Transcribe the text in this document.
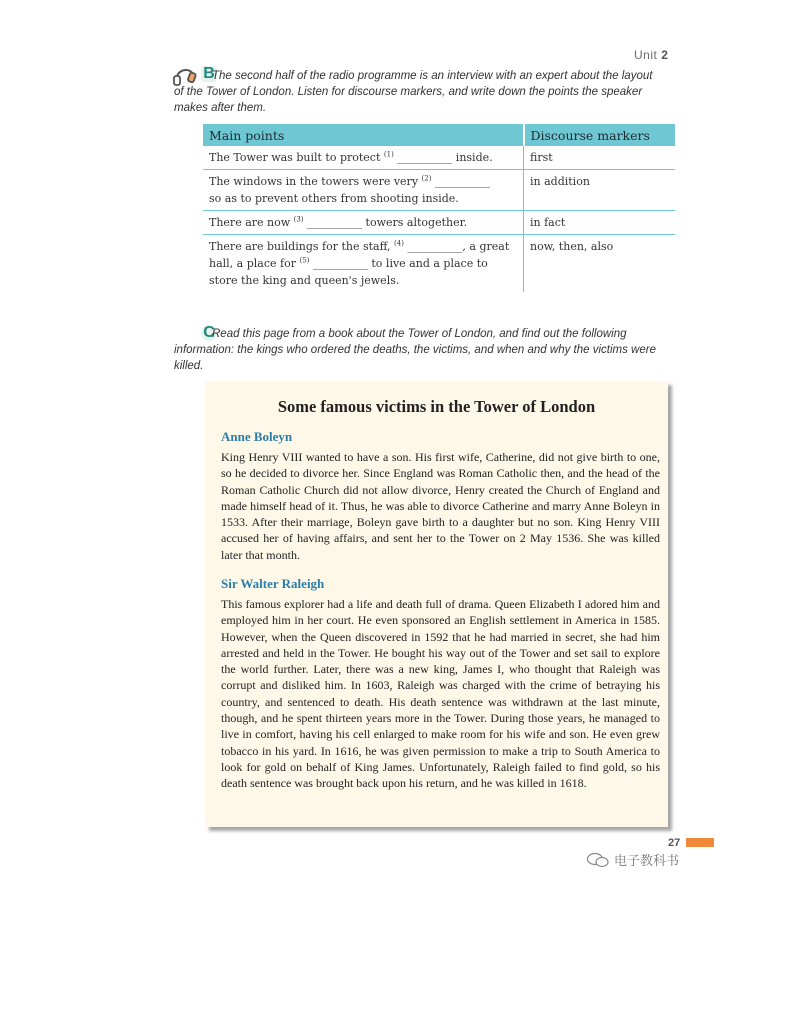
Unit 2
B
The second half of the radio programme is an interview with an expert about the layout of the Tower of London. Listen for discourse markers, and write down the points the speaker makes after them.
Main points	Discourse markers
The Tower was built to protect $^{(1)}$ __________ inside.	first
The windows in the towers were very $^{(2)}$ __________
so as to prevent others from shooting inside.	in addition
There are now $^{(3)}$ __________ towers altogether.	in fact
There are buildings for the staff, $^{(4)}$ __________, a great
hall, a place for $^{(5)}$ __________ to live and a place to
store the king and queen's jewels.	now, then, also
C
Read this page from a book about the Tower of London, and find out the following information: the kings who ordered the deaths, the victims, and when and why the victims were killed.
Some famous victims in the Tower of London
Anne Boleyn
King Henry VIII wanted to have a son. His first wife, Catherine, did not give birth to one, so he decided to divorce her. Since England was Roman Catholic then, and the head of the Roman Catholic Church did not allow divorce, Henry created the Church of England and made himself head of it. Thus, he was able to divorce Catherine and marry Anne Boleyn in 1533. After their marriage, Boleyn gave birth to a daughter but no son. King Henry VIII accused her of having affairs, and sent her to the Tower on 2 May 1536. She was killed later that month.
Sir Walter Raleigh
This famous explorer had a life and death full of drama. Queen Elizabeth I adored him and employed him in her court. He even sponsored an English settlement in America in 1585. However, when the Queen discovered in 1592 that he had married in secret, she had him arrested and held in the Tower. He bought his way out of the Tower and set sail to explore the world further. Later, there was a new king, James I, who thought that Raleigh was corrupt and disliked him. In 1603, Raleigh was charged with the crime of betraying his country, and sentenced to death. His death sentence was withdrawn at the last minute, though, and he spent thirteen years more in the Tower. During those years, he managed to live in comfort, having his cell enlarged to make room for his wife and son. He even grew tobacco in his yard. In 1616, he was given permission to make a trip to South America to look for gold on behalf of King James. Unfortunately, Raleigh failed to find gold, so his death sentence was brought back upon his return, and he was killed in 1618.
27
电子教科书
